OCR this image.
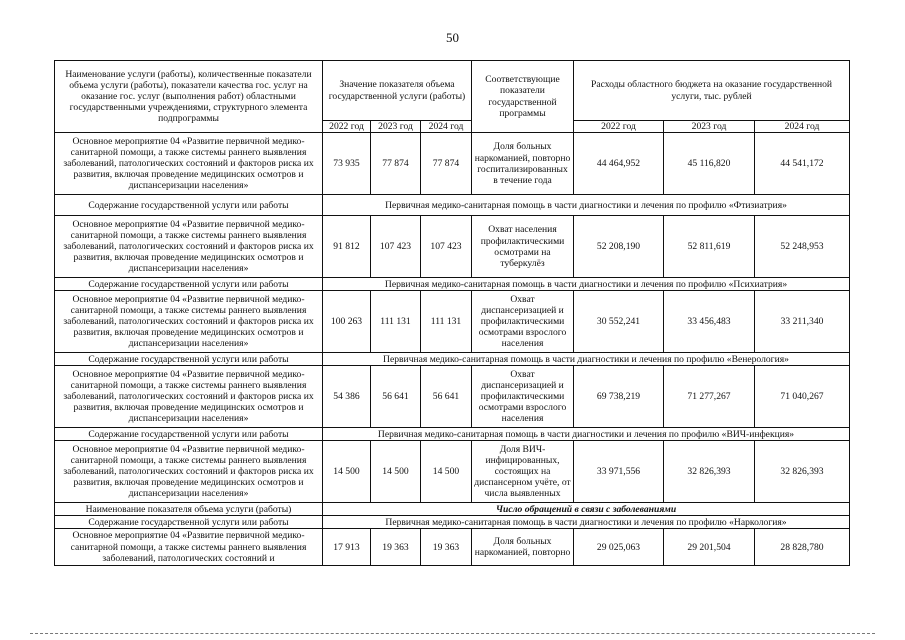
50
Наименование услуги (работы), количественные показатели объема услуги (работы), показатели качества гос. услуг на оказание гос. услуг (выполнения работ) областными государственными учреждениями, структурного элемента подпрограммы	Значение показателя объема государственной услуги (работы)			Соответствующие показатели государственной программы	Расходы областного бюджета на оказание государственной услуги, тыс. рублей		
	2022 год	2023 год	2024 год		2022 год	2023 год	2024 год
Основное мероприятие 04 «Развитие первичной медико-санитарной помощи, а также системы раннего выявления заболеваний, патологических состояний и факторов риска их развития, включая проведение медицинских осмотров и диспансеризации населения»	73 935	77 874	77 874	Доля больных наркоманией, повторно госпитализированных в течение года	44 464,952	45 116,820	44 541,172
Содержание государственной услуги или работы	Первичная медико-санитарная помощь в части диагностики и лечения по профилю «Фтизиатрия»						
Основное мероприятие 04 «Развитие первичной медико-санитарной помощи, а также системы раннего выявления заболеваний, патологических состояний и факторов риска их развития, включая проведение медицинских осмотров и диспансеризации населения»	91 812	107 423	107 423	Охват населения профилактическими осмотрами на туберкулёз	52 208,190	52 811,619	52 248,953
Содержание государственной услуги или работы	Первичная медико-санитарная помощь в части диагностики и лечения по профилю «Психиатрия»						
Основное мероприятие 04 «Развитие первичной медико-санитарной помощи, а также системы раннего выявления заболеваний, патологических состояний и факторов риска их развития, включая проведение медицинских осмотров и диспансеризации населения»	100 263	111 131	111 131	Охват диспансеризацией и профилактическими осмотрами взрослого населения	30 552,241	33 456,483	33 211,340
Содержание государственной услуги или работы	Первичная медико-санитарная помощь в части диагностики и лечения по профилю «Венерология»						
Основное мероприятие 04 «Развитие первичной медико-санитарной помощи, а также системы раннего выявления заболеваний, патологических состояний и факторов риска их развития, включая проведение медицинских осмотров и диспансеризации населения»	54 386	56 641	56 641	Охват диспансеризацией и профилактическими осмотрами взрослого населения	69 738,219	71 277,267	71 040,267
Содержание государственной услуги или работы	Первичная медико-санитарная помощь в части диагностики и лечения по профилю «ВИЧ-инфекция»						
Основное мероприятие 04 «Развитие первичной медико-санитарной помощи, а также системы раннего выявления заболеваний, патологических состояний и факторов риска их развития, включая проведение медицинских осмотров и диспансеризации населения»	14 500	14 500	14 500	Доля ВИЧ-инфицированных, состоящих на диспансерном учёте, от числа выявленных	33 971,556	32 826,393	32 826,393
Наименование показателя объема услуги (работы)	Число обращений в связи с заболеваниями						
Содержание государственной услуги или работы	Первичная медико-санитарная помощь в части диагностики и лечения по профилю «Наркология»						
Основное мероприятие 04 «Развитие первичной медико-санитарной помощи, а также системы раннего выявления заболеваний, патологических состояний и	17 913	19 363	19 363	Доля больных наркоманией, повторно	29 025,063	29 201,504	28 828,780
